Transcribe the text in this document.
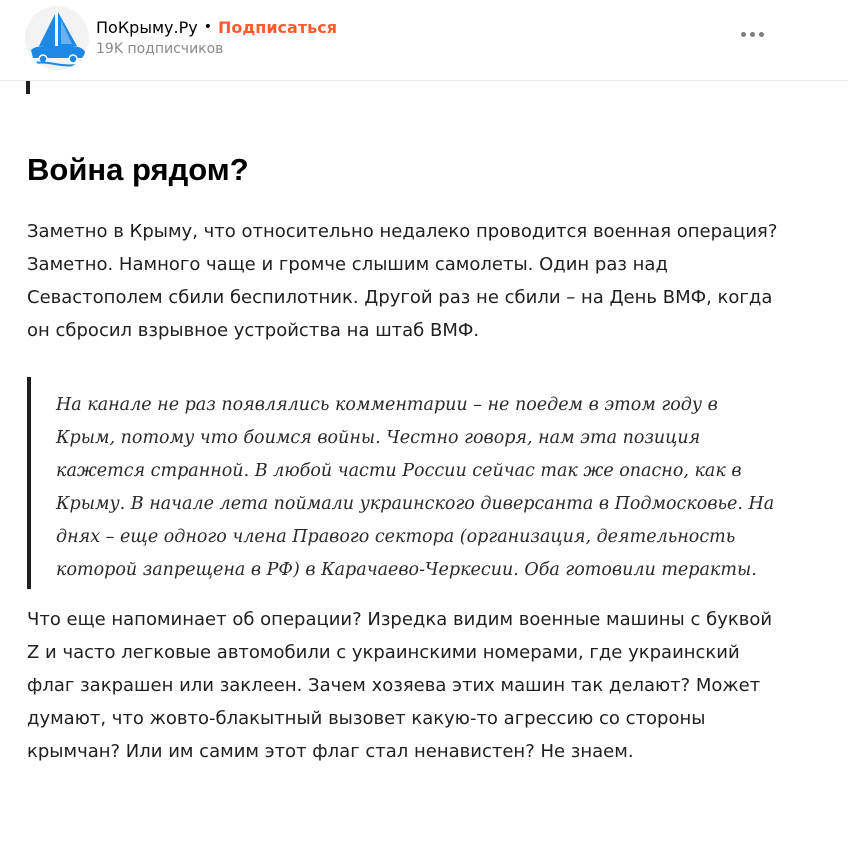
ПоКрыму.Ру • Подписаться
19K подписчиков
Война рядом?

Заметно в Крыму, что относительно недалеко проводится военная операция? Заметно. Намного чаще и громче слышим самолеты. Один раз над Севастополем сбили беспилотник. Другой раз не сбили – на День ВМФ, когда он сбросил взрывное устройства на штаб ВМФ.

На канале не раз появлялись комментарии – не поедем в этом году в Крым, потому что боимся войны. Честно говоря, нам эта позиция кажется странной. В любой части России сейчас так же опасно, как в Крыму. В начале лета поймали украинского диверсанта в Подмосковье. На днях – еще одного члена Правого сектора (организация, деятельность которой запрещена в РФ) в Карачаево-Черкесии. Оба готовили теракты.

Что еще напоминает об операции? Изредка видим военные машины с буквой Z и часто легковые автомобили с украинскими номерами, где украинский флаг закрашен или заклеен. Зачем хозяева этих машин так делают? Может думают, что жовто-блакытный вызовет какую-то агрессию со стороны крымчан? Или им самим этот флаг стал ненавистен? Не знаем.
